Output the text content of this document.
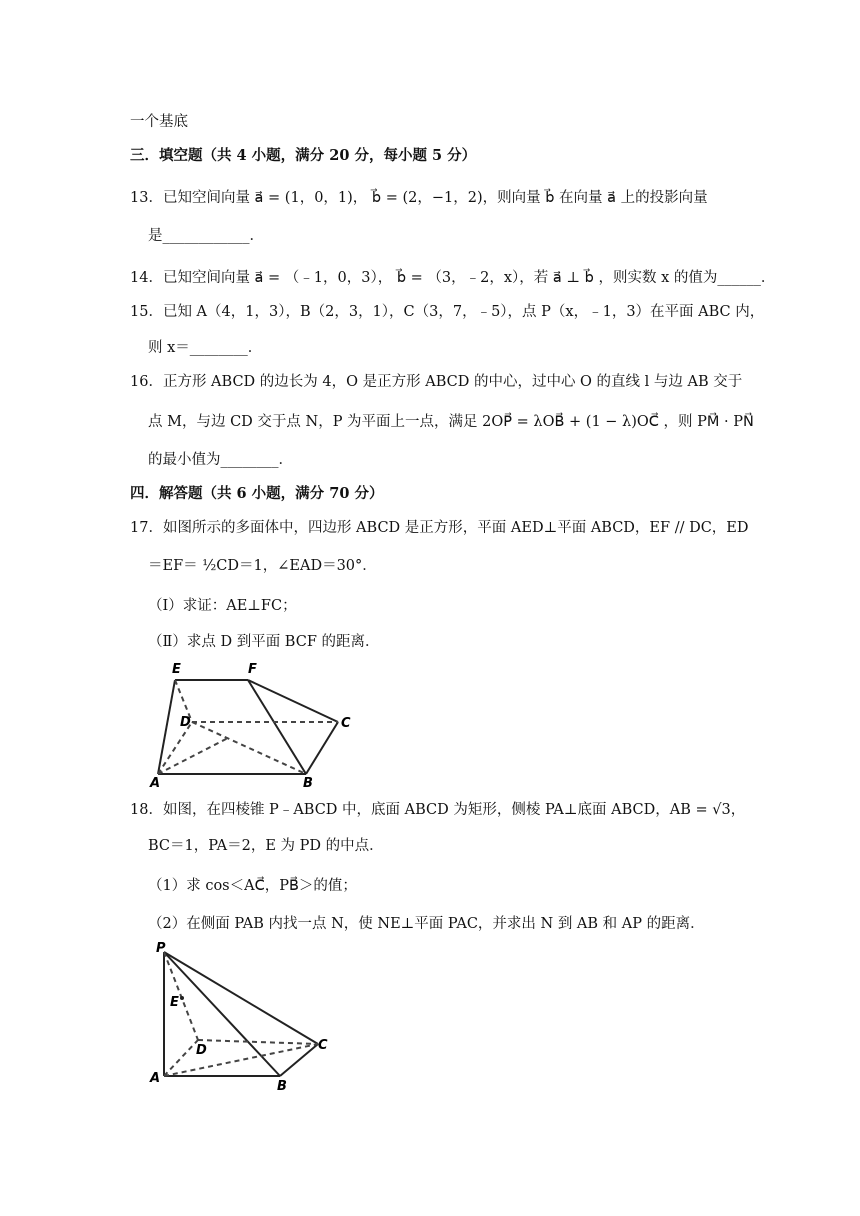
一个基底
三．填空题（共 4 小题，满分 20 分，每小题 5 分）
13．已知空间向量 a⃗ = (1，0，1)， b⃗ = (2，−1，2)，则向量 b⃗ 在向量 a⃗ 上的投影向量
是____________．
14．已知空间向量 a⃗ = （﹣1，0，3）， b⃗ = （3，﹣2，x），若 a⃗ ⊥ b⃗ ，则实数 x 的值为______．
15．已知 A（4，1，3），B（2，3，1），C（3，7，﹣5），点 P（x，﹣1，3）在平面 ABC 内，
则 x＝________．
16．正方形 ABCD 的边长为 4，O 是正方形 ABCD 的中心，过中心 O 的直线 l 与边 AB 交于
点 M，与边 CD 交于点 N，P 为平面上一点，满足 2OP⃗ = λOB⃗ + (1 − λ)OC⃗ ，则 PM⃗ · PN⃗
的最小值为________．
四．解答题（共 6 小题，满分 70 分）
17．如图所示的多面体中，四边形 ABCD 是正方形，平面 AED⊥平面 ABCD，EF // DC，ED
＝EF＝ ½CD＝1，∠EAD＝30°．
（Ⅰ）求证：AE⊥FC；
（Ⅱ）求点 D 到平面 BCF 的距离．
E	F
D	C
A	B
18．如图，在四棱锥 P﹣ABCD 中，底面 ABCD 为矩形，侧棱 PA⊥底面 ABCD，AB = √3，
BC＝1，PA＝2，E 为 PD 的中点．
（1）求 cos＜AC⃗，PB⃗＞的值；
（2）在侧面 PAB 内找一点 N，使 NE⊥平面 PAC，并求出 N 到 AB 和 AP 的距离．
P
E
D	C
A
B
